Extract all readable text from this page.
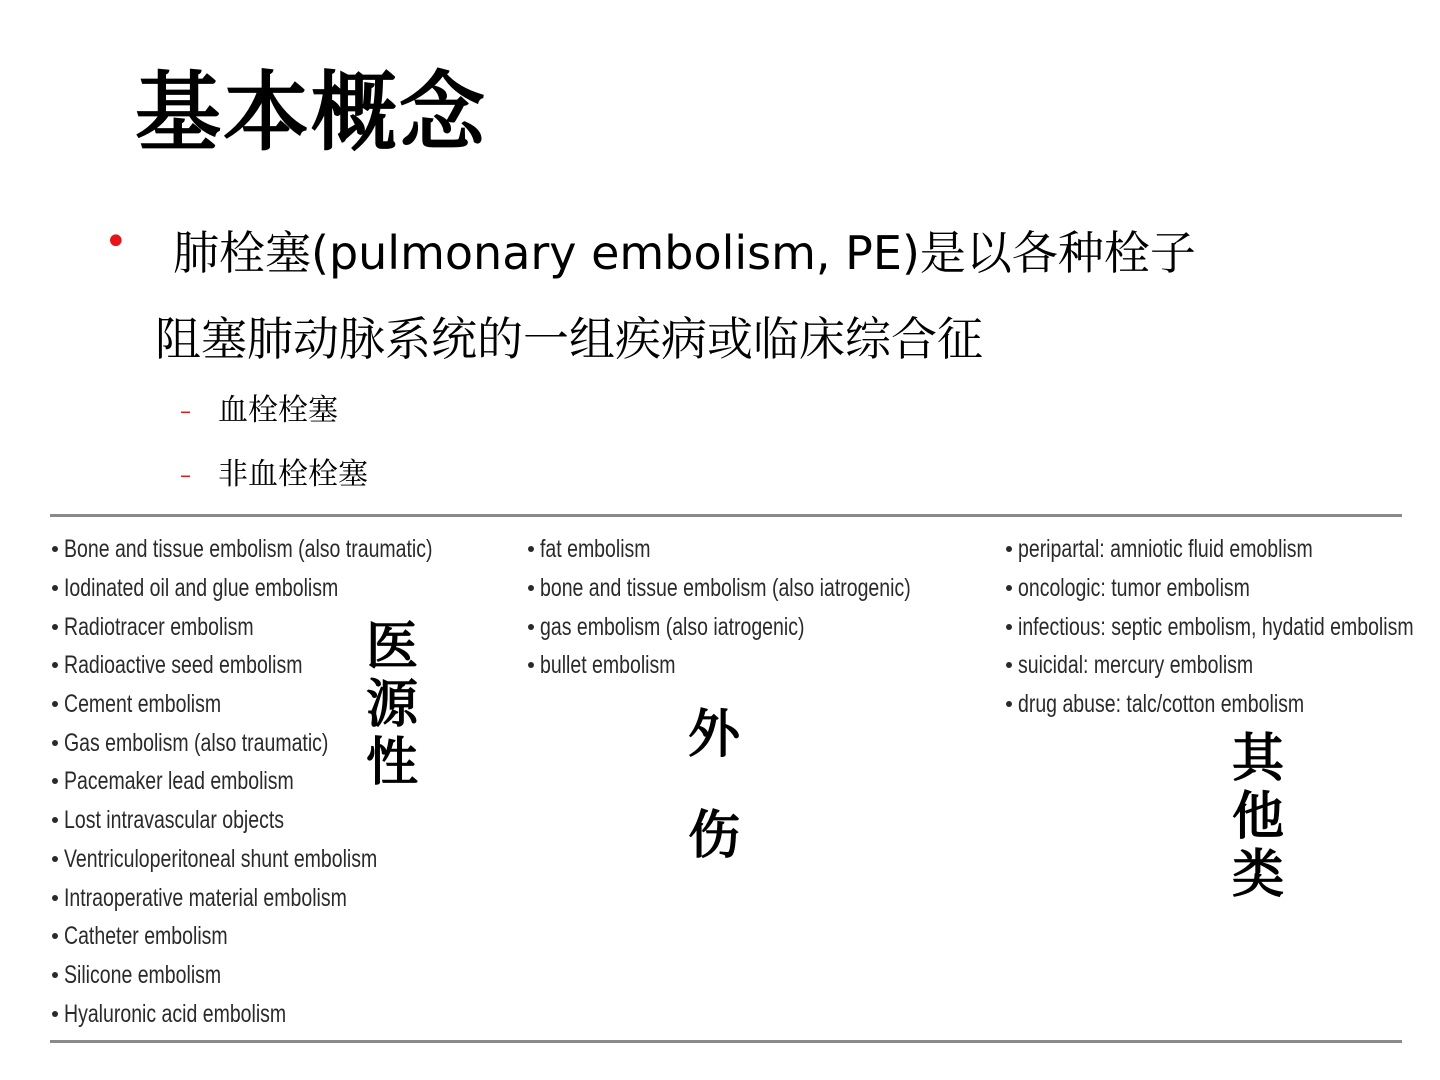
基本概念
• 肺栓塞(pulmonary embolism, PE)是以各种栓子
阻塞肺动脉系统的一组疾病或临床综合征
– 血栓栓塞
– 非血栓栓塞
Bone and tissue embolism (also traumatic)
Iodinated oil and glue embolism
Radiotracer embolism
Radioactive seed embolism
Cement embolism
Gas embolism (also traumatic)
Pacemaker lead embolism
Lost intravascular objects
Ventriculoperitoneal shunt embolism
Intraoperative material embolism
Catheter embolism
Silicone embolism
Hyaluronic acid embolism
fat embolism
bone and tissue embolism (also iatrogenic)
gas embolism (also iatrogenic)
bullet embolism
peripartal: amniotic fluid emoblism
oncologic: tumor embolism
infectious: septic embolism, hydatid embolism
suicidal: mercury embolism
drug abuse: talc/cotton embolism
医源性	外伤
其他类
